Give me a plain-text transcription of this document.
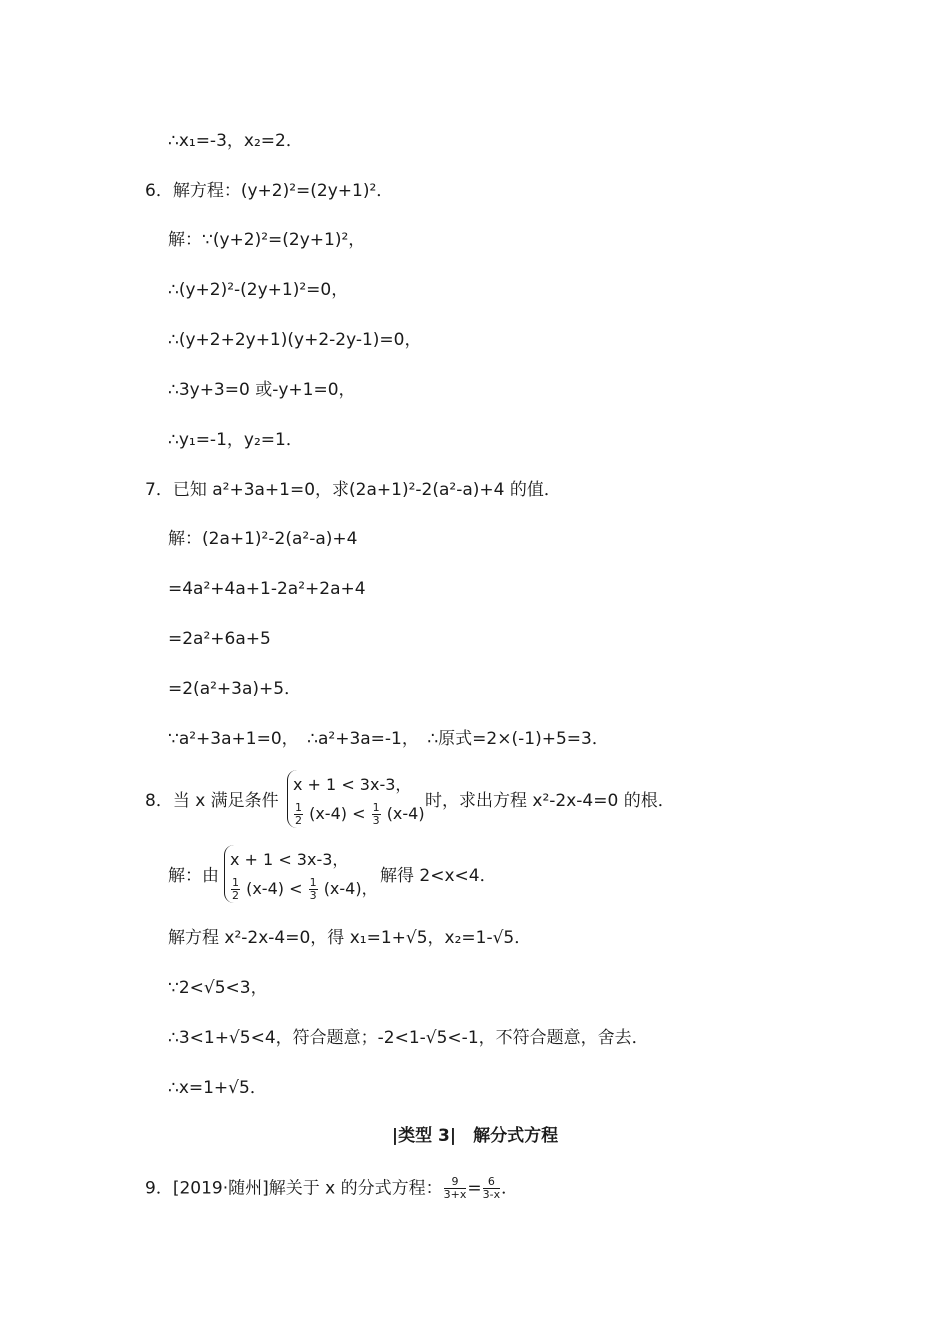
∴x₁=-3，x₂=2．
6．解方程：(y+2)²=(2y+1)²．
解：∵(y+2)²=(2y+1)²，
∴(y+2)²-(2y+1)²=0，
∴(y+2+2y+1)(y+2-2y-1)=0，
∴3y+3=0 或-y+1=0，
∴y₁=-1，y₂=1．
7．已知 a²+3a+1=0，求(2a+1)²-2(a²-a)+4 的值．
解：(2a+1)²-2(a²-a)+4
=4a²+4a+1-2a²+2a+4
=2a²+6a+5
=2(a²+3a)+5．
∵a²+3a+1=0，　∴a²+3a=-1，　∴原式=2×(-1)+5=3．
8．当 x 满足条件
x + 1 < 3x-3，
$\frac{1}{2} (x-4) < \frac{1}{3} (x-4)$
时，求出方程 x²-2x-4=0 的根．
解：由
x + 1 < 3x-3，
$\frac{1}{2} (x-4) < \frac{1}{3} (x-4)$，
解得 2<x<4．
解方程 x²-2x-4=0，得 x₁=1+√5，x₂=1-√5．
∵2<√5<3，
∴3<1+√5<4，符合题意；-2<1-√5<-1，不符合题意，舍去．
∴x=1+√5．
|类型 3|　解分式方程
9．[2019·随州]解关于 x 的分式方程： $\frac{9}{3+x} = \frac{6}{3-x}$ ．
